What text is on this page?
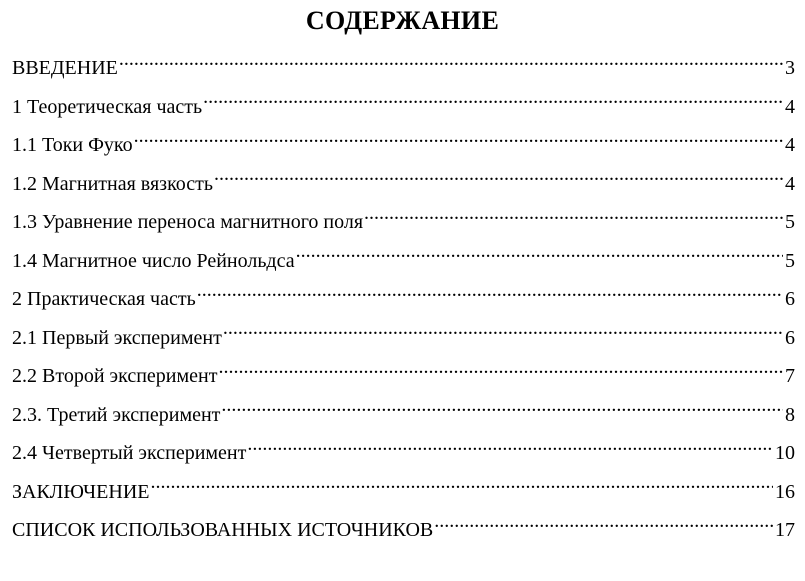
СОДЕРЖАНИЕ
ВВЕДЕНИЕ .....	3
1 Теоретическая часть .....	4
1.1 Токи Фуко .....	4
1.2 Магнитная вязкость .....	4
1.3 Уравнение переноса магнитного поля .....	5
1.4 Магнитное число Рейнольдса .....	5
2 Практическая часть .....	6
2.1 Первый эксперимент .....	6
2.2 Второй эксперимент .....	7
2.3. Третий эксперимент .....	8
2.4 Четвертый эксперимент .....	10
ЗАКЛЮЧЕНИЕ .....	16
СПИСОК ИСПОЛЬЗОВАННЫХ ИСТОЧНИКОВ .....	17
